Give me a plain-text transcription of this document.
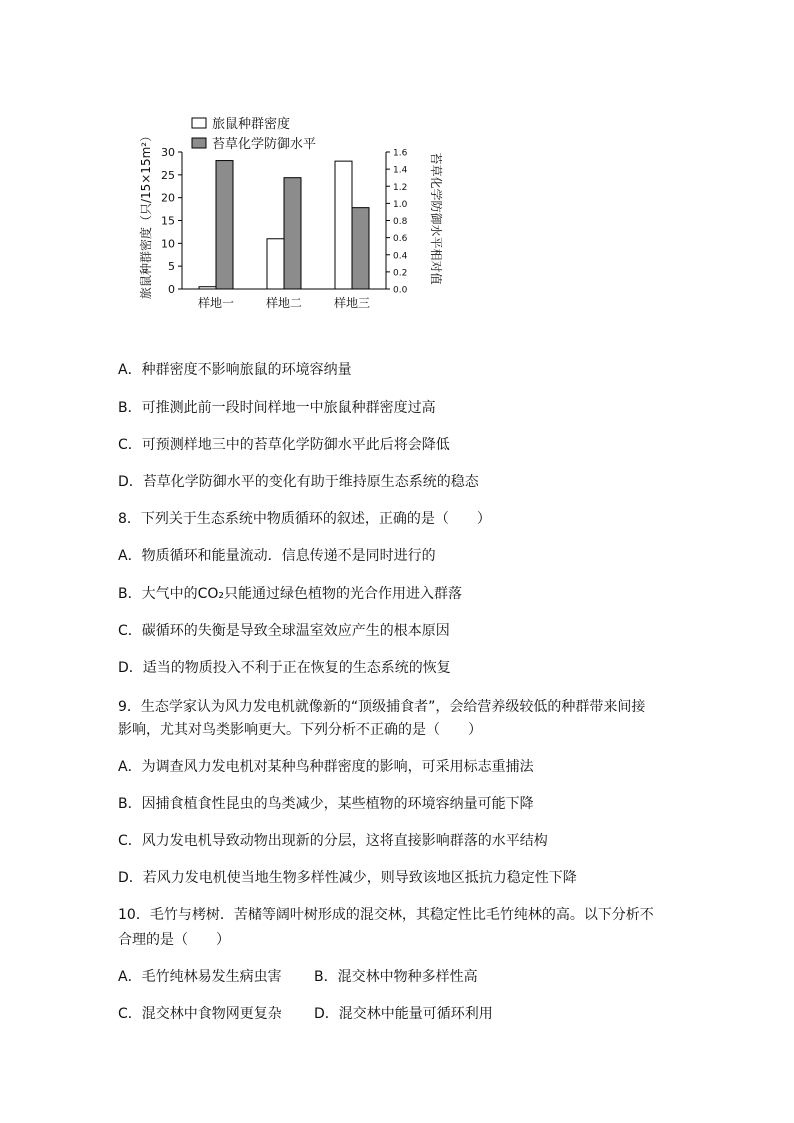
0
5
10
15
20
25
30
0.0
0.2
0.4
0.6
0.8
1.0
1.2
1.4
1.6
旅鼠种群密度（只/15×15m²）	苔草化学防御水平相对值
样地一	样地二	样地三
旅鼠种群密度
苔草化学防御水平
A．种群密度不影响旅鼠的环境容纳量
B．可推测此前一段时间样地一中旅鼠种群密度过高
C．可预测样地三中的苔草化学防御水平此后将会降低
D．苔草化学防御水平的变化有助于维持原生态系统的稳态
8．下列关于生态系统中物质循环的叙述，正确的是（　　）
A．物质循环和能量流动．信息传递不是同时进行的
B．大气中的CO₂只能通过绿色植物的光合作用进入群落
C．碳循环的失衡是导致全球温室效应产生的根本原因
D．适当的物质投入不利于正在恢复的生态系统的恢复
9．生态学家认为风力发电机就像新的“顶级捕食者”，会给营养级较低的种群带来间接
影响，尤其对鸟类影响更大。下列分析不正确的是（　　）
A．为调查风力发电机对某种鸟种群密度的影响，可采用标志重捕法
B．因捕食植食性昆虫的鸟类减少，某些植物的环境容纳量可能下降
C．风力发电机导致动物出现新的分层，这将直接影响群落的水平结构
D．若风力发电机使当地生物多样性减少，则导致该地区抵抗力稳定性下降
10．毛竹与栲树．苦槠等阔叶树形成的混交林，其稳定性比毛竹纯林的高。以下分析不
合理的是（　　）
A．毛竹纯林易发生病虫害 B．混交林中物种多样性高
C．混交林中食物网更复杂 D．混交林中能量可循环利用
